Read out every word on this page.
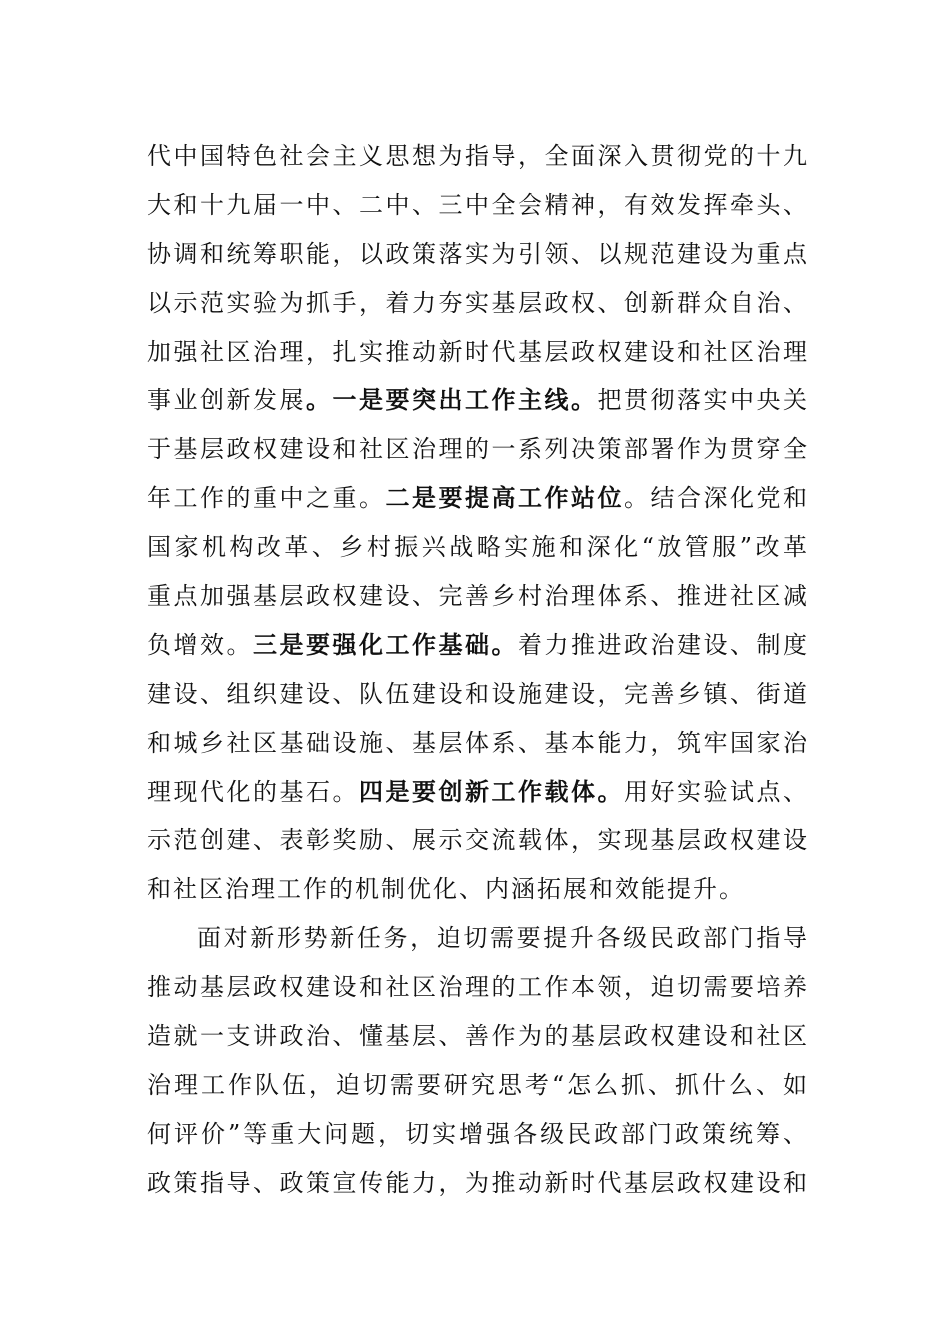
代中国特色社会主义思想为指导，全面深入贯彻党的十九
大和十九届一中、二中、三中全会精神，有效发挥牵头、
协调和统筹职能，以政策落实为引领、以规范建设为重点
以示范实验为抓手，着力夯实基层政权、创新群众自治、
加强社区治理，扎实推动新时代基层政权建设和社区治理
事业创新发展。一是要突出工作主线。把贯彻落实中央关
于基层政权建设和社区治理的一系列决策部署作为贯穿全
年工作的重中之重。二是要提高工作站位。结合深化党和
国家机构改革、乡村振兴战略实施和深化“放管服”改革
重点加强基层政权建设、完善乡村治理体系、推进社区减
负增效。三是要强化工作基础。着力推进政治建设、制度
建设、组织建设、队伍建设和设施建设，完善乡镇、街道
和城乡社区基础设施、基层体系、基本能力，筑牢国家治
理现代化的基石。四是要创新工作载体。用好实验试点、
示范创建、表彰奖励、展示交流载体，实现基层政权建设
和社区治理工作的机制优化、内涵拓展和效能提升。
面对新形势新任务，迫切需要提升各级民政部门指导
推动基层政权建设和社区治理的工作本领，迫切需要培养
造就一支讲政治、懂基层、善作为的基层政权建设和社区
治理工作队伍，迫切需要研究思考“怎么抓、抓什么、如
何评价”等重大问题，切实增强各级民政部门政策统筹、
政策指导、政策宣传能力，为推动新时代基层政权建设和
